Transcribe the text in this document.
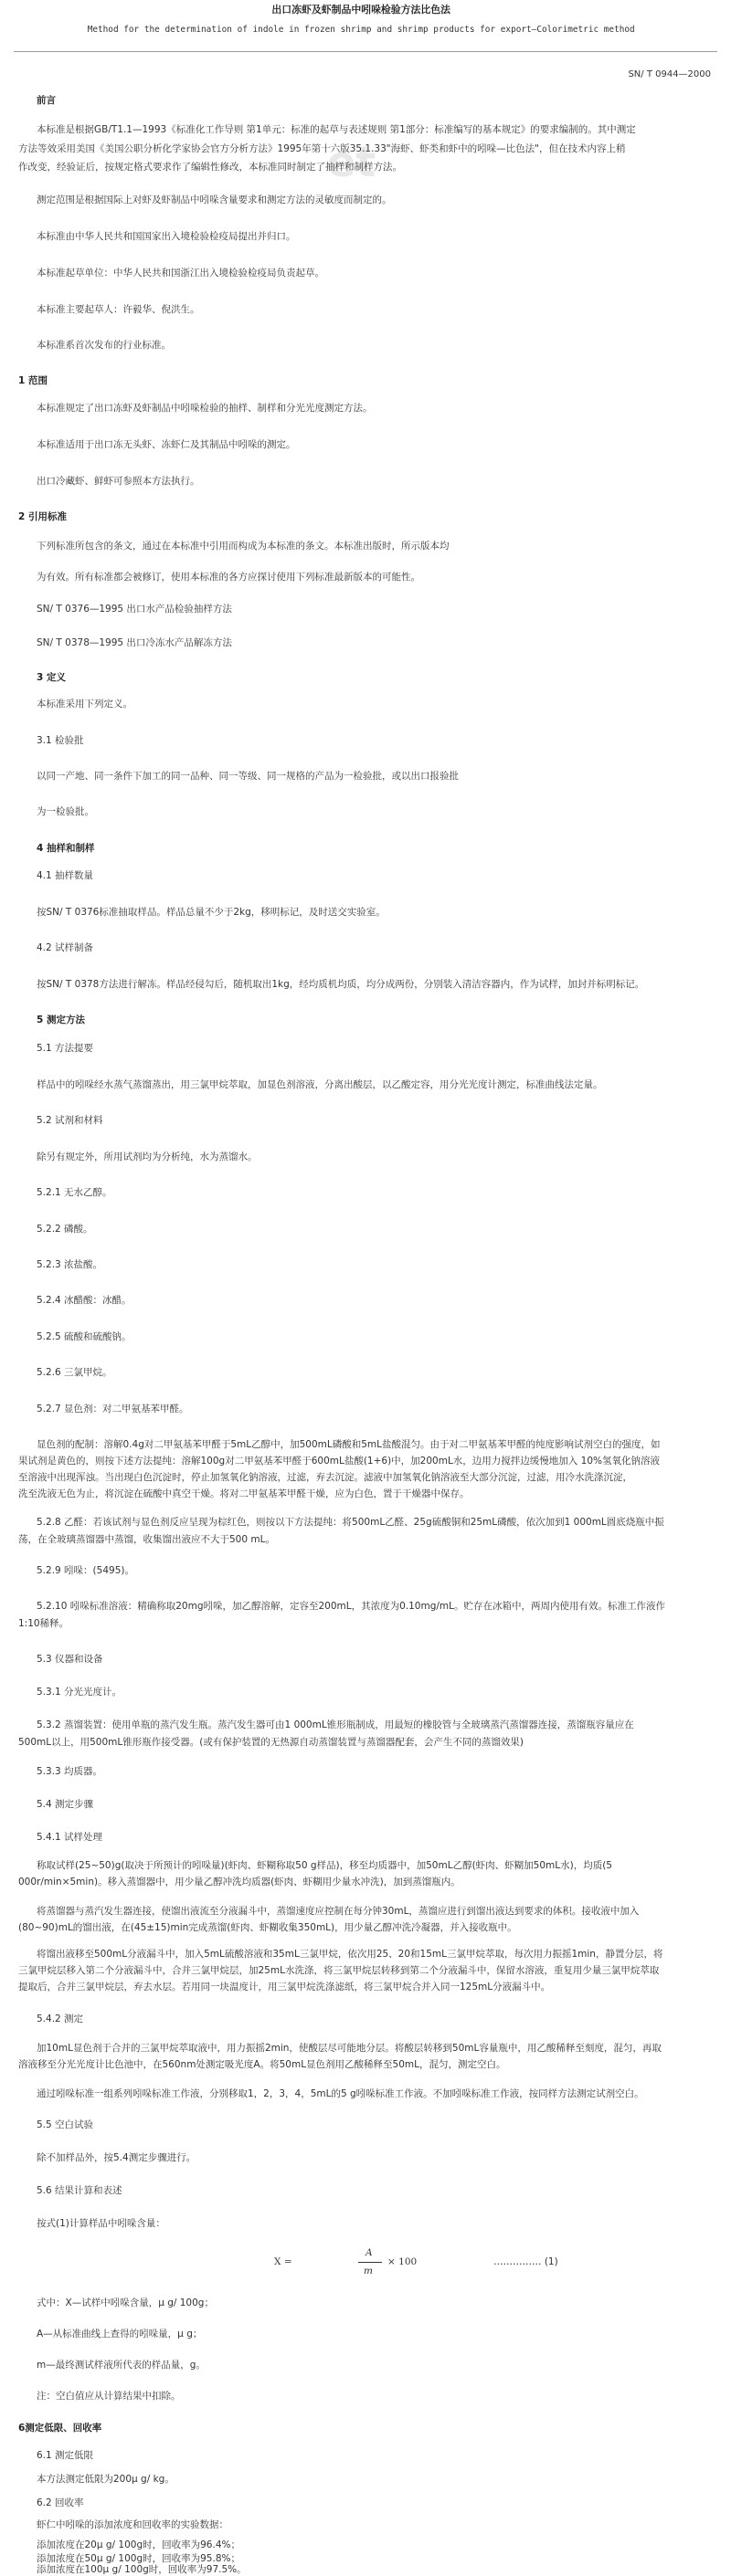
et
出口冻虾及虾制品中吲哚检验方法比色法
Method for the determination of indole in frozen shrimp and shrimp products for export—Colorimetric method
SN/ T 0944—2000
前言
本标准是根据GB/T1.1—1993《标准化工作导则 第1单元：标准的起草与表述规则 第1部分：标准编写的基本规定》的要求编制的。其中测定
方法等效采用美国《美国公职分析化学家协会官方分析方法》1995年第十六版35.1.33"海虾、虾类和虾中的吲哚—比色法"，但在技术内容上稍
作改变，经验证后，按规定格式要求作了编辑性修改，本标准同时制定了抽样和制样方法。
测定范围是根据国际上对虾及虾制品中吲哚含量要求和测定方法的灵敏度而制定的。
本标准由中华人民共和国国家出入境检验检疫局提出并归口。
本标准起草单位：中华人民共和国浙江出入境检验检疫局负责起草。
本标准主要起草人：许毅华、倪洪生。
本标准系首次发布的行业标准。
1 范围
本标准规定了出口冻虾及虾制品中吲哚检验的抽样、制样和分光光度测定方法。
本标准适用于出口冻无头虾、冻虾仁及其制品中吲哚的测定。
出口冷藏虾、鲜虾可参照本方法执行。
2 引用标准
下列标准所包含的条文，通过在本标准中引用而构成为本标准的条文。本标准出版时，所示版本均
为有效。所有标准都会被修订，使用本标准的各方应探讨使用下列标准最新版本的可能性。
SN/ T 0376—1995 出口水产品检验抽样方法
SN/ T 0378—1995 出口冷冻水产品解冻方法
3 定义
本标准采用下列定义。
3.1 检验批
以同一产地、同一条件下加工的同一品种、同一等级、同一规格的产品为一检验批，或以出口报验批
为一检验批。
4 抽样和制样
4.1 抽样数量
按SN/ T 0376标准抽取样品。样品总量不少于2kg，移明标记，及时送交实验室。
4.2 试样制备
按SN/ T 0378方法进行解冻。样品经侵勾后，随机取出1kg，经均质机均质，均分成两份，分别装入清洁容器内，作为试样，加封并标明标记。
5 测定方法
5.1 方法提要
样品中的吲哚经水蒸气蒸馏蒸出，用三氯甲烷萃取，加显色剂溶液，分离出酸层，以乙酸定容，用分光光度计测定，标准曲线法定量。
5.2 试剂和材料
除另有规定外，所用试剂均为分析纯，水为蒸馏水。
5.2.1 无水乙醇。
5.2.2 磷酸。
5.2.3 浓盐酸。
5.2.4 冰醋酸：冰醋。
5.2.5 硫酸和硫酸钠。
5.2.6 三氯甲烷。
5.2.7 显色剂：对二甲氨基苯甲醛。
显色剂的配制：溶解0.4g对二甲氨基苯甲醛于5mL乙醇中，加500mL磷酸和5mL盐酸混匀。由于对二甲氨基苯甲醛的纯度影响试剂空白的强度，如
果试剂是黄色的，则按下述方法提纯：溶解100g对二甲氨基苯甲醛于600mL盐酸(1+6)中，加200mL水，边用力搅拌边缓慢地加入 10%氢氧化钠溶液
至溶液中出现浑浊。当出现白色沉淀时，停止加氢氧化钠溶液，过滤，弃去沉淀。滤液中加氢氧化钠溶液至大部分沉淀，过滤，用冷水洗涤沉淀，
洗至洗液无色为止，将沉淀在硫酸中真空干燥。将对二甲氨基苯甲醛干燥，应为白色，置于干燥器中保存。
5.2.8 乙醛：若该试剂与显色剂反应呈现为棕红色，则按以下方法提纯：将500mL乙醛、25g硫酸铜和25mL磷酸，依次加到1 000mL圆底烧瓶中振
荡，在全玻璃蒸馏器中蒸馏，收集馏出液应不大于500 mL。
5.2.9 吲哚：(5495)。
5.2.10 吲哚标准溶液：精确称取20mg吲哚，加乙醇溶解，定容至200mL，其浓度为0.10mg/mL。贮存在冰箱中，两周内使用有效。标准工作液作
1:10稀释。
5.3 仪器和设备
5.3.1 分光光度计。
5.3.2 蒸馏装置：使用单瓶的蒸汽发生瓶。蒸汽发生器可由1 000mL锥形瓶制成，用最短的橡胶管与全玻璃蒸汽蒸馏器连接，蒸馏瓶容量应在
500mL以上，用500mL锥形瓶作接受器。(或有保护装置的无热源自动蒸馏装置与蒸馏器配套，会产生不同的蒸馏效果)
5.3.3 均质器。
5.4 测定步骤
5.4.1 试样处理
称取试样(25~50)g(取决于所预计的吲哚量)(虾肉、虾糊称取50 g样品)，移至均质器中，加50mL乙醇(虾肉、虾糊加50mL水)，均质(5
000r/min×5min)。移入蒸馏器中，用少量乙醇冲洗均质器(虾肉、虾糊用少量水冲洗)，加到蒸馏瓶内。
将蒸馏器与蒸汽发生器连接，使馏出液流至分液漏斗中，蒸馏速度应控制在每分钟30mL，蒸馏应进行到馏出液达到要求的体积。接收液中加入
(80~90)mL的馏出液，在(45±15)min完成蒸馏(虾肉、虾糊收集350mL)，用少量乙醇冲洗冷凝器，并入接收瓶中。
将馏出液移至500mL分液漏斗中，加入5mL硫酸溶液和35mL三氯甲烷，依次用25、20和15mL三氯甲烷萃取，每次用力振摇1min，静置分层，将
三氯甲烷层移入第二个分液漏斗中，合并三氯甲烷层，加25mL水洗涤，将三氯甲烷层转移到第二个分液漏斗中，保留水溶液，重复用少量三氯甲烷萃取
提取后，合并三氯甲烷层，弃去水层。若用同一块温度计，用三氯甲烷洗涤滤纸，将三氯甲烷合并入同一125mL分液漏斗中。
5.4.2 测定
加10mL显色剂于合并的三氯甲烷萃取液中，用力振摇2min，使酸层尽可能地分层。将酸层转移到50mL容量瓶中，用乙酸稀释至刻度，混匀，再取
溶液移至分光光度计比色池中，在560nm处测定吸光度A。将50mL显色剂用乙酸稀释至50mL，混匀，测定空白。
通过吲哚标准一组系列吲哚标准工作液，分别移取1，2，3，4，5mL的5 g吲哚标准工作液。不加吲哚标准工作液，按同样方法测定试剂空白。
5.5 空白试验
除不加样品外，按5.4测定步骤进行。
5.6 结果计算和表述
按式(1)计算样品中吲哚含量：
X =
A
m
× 100	…………… (1)
式中：X—试样中吲哚含量，μ g/ 100g；
A—从标准曲线上查得的吲哚量，μ g；
m—最终测试样液所代表的样品量，g。
注：空白值应从计算结果中扣除。
6测定低限、回收率
6.1 测定低限
本方法测定低限为200μ g/ kg。
6.2 回收率
虾仁中吲哚的添加浓度和回收率的实验数据：
添加浓度在20μ g/ 100g时，回收率为96.4%；
添加浓度在50μ g/ 100g时，回收率为95.8%；
添加浓度在100μ g/ 100g时，回收率为97.5%。
